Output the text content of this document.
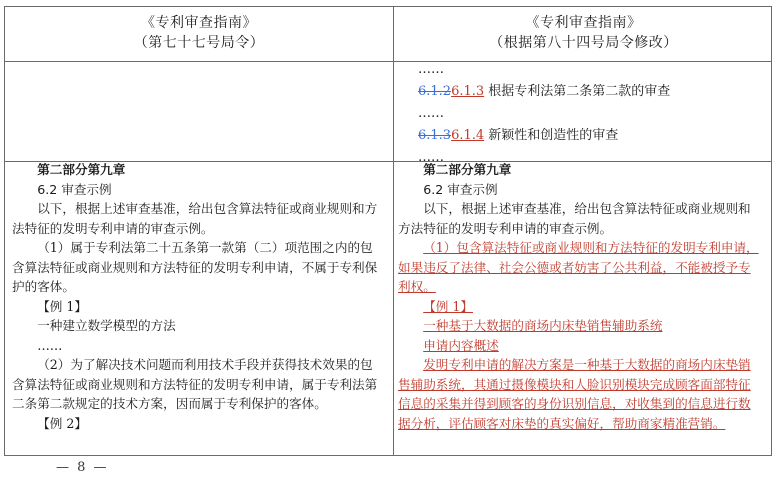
《专利审查指南》
（第七十七号局令）
《专利审查指南》
（根据第八十四号局令修改）
……
6.1.26.1.3 根据专利法第二条第二款的审查
……
6.1.36.1.4 新颖性和创造性的审查
……

第二部分第九章

6.2 审查示例

以下，根据上述审查基准，给出包含算法特征或商业规则和方法特征的发明专利申请的审查示例。

（1）属于专利法第二十五条第一款第（二）项范围之内的包含算法特征或商业规则和方法特征的发明专利申请，不属于专利保护的客体。

【例 1】

一种建立数学模型的方法

……

（2）为了解决技术问题而利用技术手段并获得技术效果的包含算法特征或商业规则和方法特征的发明专利申请，属于专利法第二条第二款规定的技术方案，因而属于专利保护的客体。

【例 2】

第二部分第九章

6.2 审查示例

以下，根据上述审查基准，给出包含算法特征或商业规则和方法特征的发明专利申请的审查示例。

（1）包含算法特征或商业规则和方法特征的发明专利申请，如果违反了法律、社会公德或者妨害了公共利益，不能被授予专利权。

【例 1】

一种基于大数据的商场内床垫销售辅助系统

申请内容概述

发明专利申请的解决方案是一种基于大数据的商场内床垫销售辅助系统，其通过摄像模块和人脸识别模块完成顾客面部特征信息的采集并得到顾客的身份识别信息，对收集到的信息进行数据分析，评估顾客对床垫的真实偏好，帮助商家精准营销。

— 8 —
